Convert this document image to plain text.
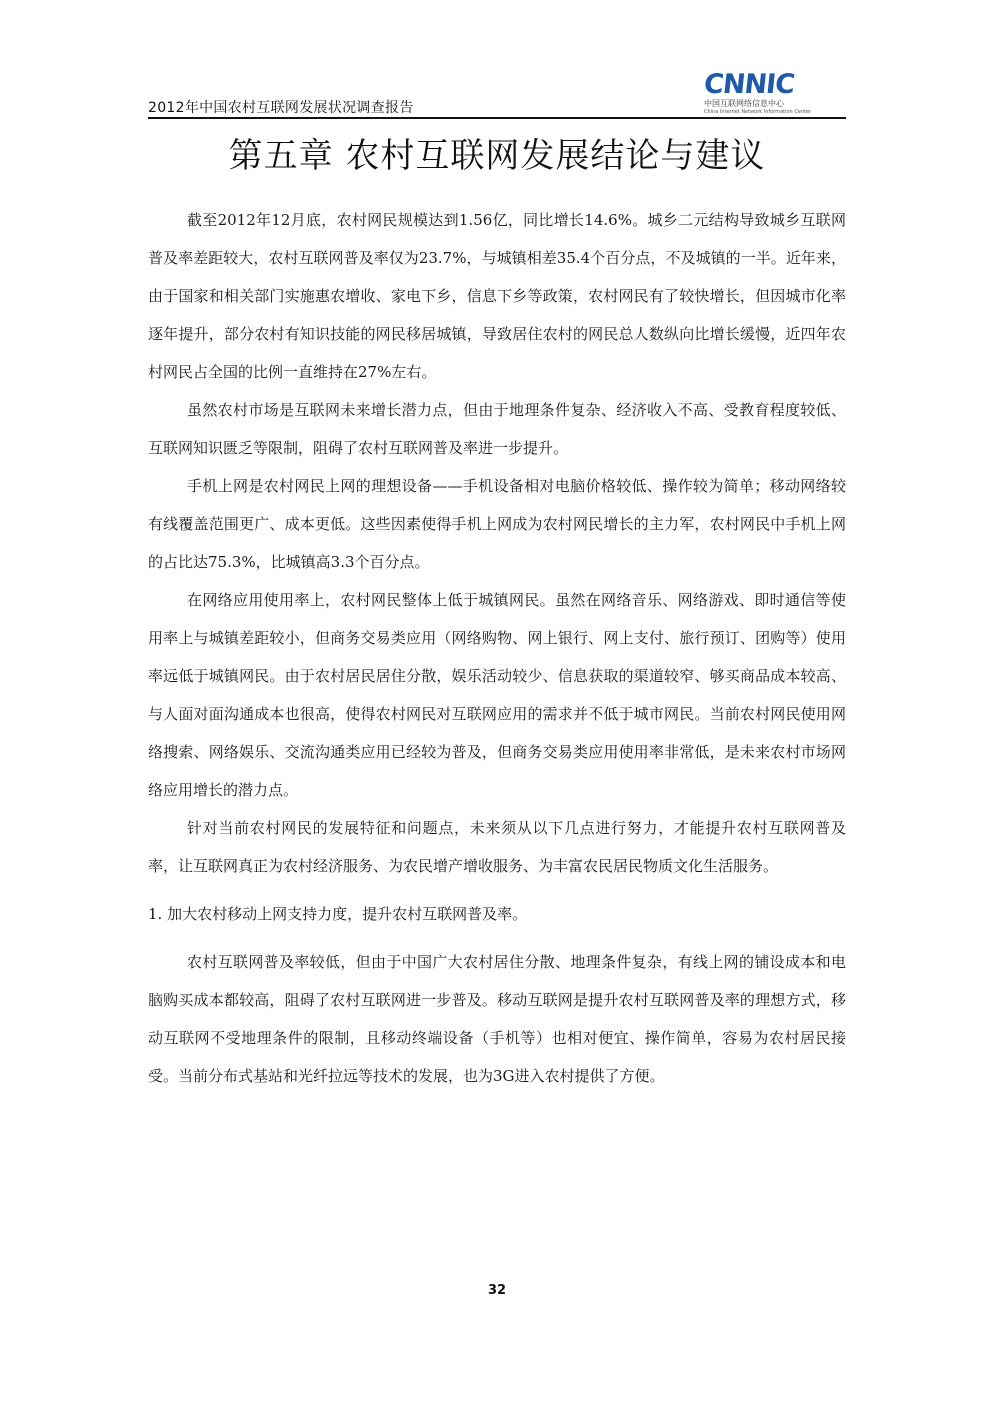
2012年中国农村互联网发展状况调查报告
CNNIC
中国互联网络信息中心
China Internet Network Information Center
第五章 农村互联网发展结论与建议

截至2012年12月底，农村网民规模达到1.56亿，同比增长14.6%。城乡二元结构导致城乡互联网普及率差距较大，农村互联网普及率仅为23.7%，与城镇相差35.4个百分点，不及城镇的一半。近年来，由于国家和相关部门实施惠农增收、家电下乡，信息下乡等政策，农村网民有了较快增长，但因城市化率逐年提升，部分农村有知识技能的网民移居城镇，导致居住农村的网民总人数纵向比增长缓慢，近四年农村网民占全国的比例一直维持在27%左右。

虽然农村市场是互联网未来增长潜力点，但由于地理条件复杂、经济收入不高、受教育程度较低、互联网知识匮乏等限制，阻碍了农村互联网普及率进一步提升。

手机上网是农村网民上网的理想设备——手机设备相对电脑价格较低、操作较为简单；移动网络较有线覆盖范围更广、成本更低。这些因素使得手机上网成为农村网民增长的主力军，农村网民中手机上网的占比达75.3%，比城镇高3.3个百分点。

在网络应用使用率上，农村网民整体上低于城镇网民。虽然在网络音乐、网络游戏、即时通信等使用率上与城镇差距较小，但商务交易类应用（网络购物、网上银行、网上支付、旅行预订、团购等）使用率远低于城镇网民。由于农村居民居住分散，娱乐活动较少、信息获取的渠道较窄、够买商品成本较高、与人面对面沟通成本也很高，使得农村网民对互联网应用的需求并不低于城市网民。当前农村网民使用网络搜索、网络娱乐、交流沟通类应用已经较为普及，但商务交易类应用使用率非常低，是未来农村市场网络应用增长的潜力点。

针对当前农村网民的发展特征和问题点，未来须从以下几点进行努力，才能提升农村互联网普及率，让互联网真正为农村经济服务、为农民增产增收服务、为丰富农民居民物质文化生活服务。

1. 加大农村移动上网支持力度，提升农村互联网普及率。

农村互联网普及率较低，但由于中国广大农村居住分散、地理条件复杂，有线上网的铺设成本和电脑购买成本都较高，阻碍了农村互联网进一步普及。移动互联网是提升农村互联网普及率的理想方式，移动互联网不受地理条件的限制，且移动终端设备（手机等）也相对便宜、操作简单，容易为农村居民接受。当前分布式基站和光纤拉远等技术的发展，也为3G进入农村提供了方便。

32
